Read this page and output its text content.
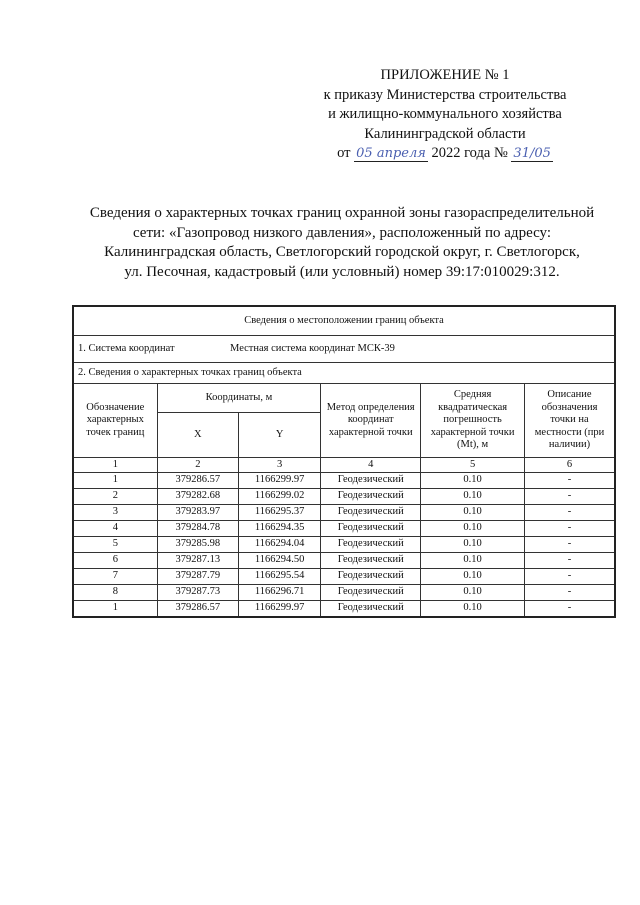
ПРИЛОЖЕНИЕ № 1
к приказу Министерства строительства
и жилищно-коммунального хозяйства
Калининградской области
от 05 апреля 2022 года № 31/05
Сведения о характерных точках границ охранной зоны газораспределительной
сети: «Газопровод низкого давления», расположенный по адресу:
Калининградская область, Светлогорский городской округ, г. Светлогорск,
ул. Песочная, кадастровый (или условный) номер 39:17:010029:312.
Сведения о местоположении границ объекта					
1. Система координат Местная система координат МСК-39					
2. Сведения о характерных точках границ объекта					
Обозначение характерных точек границ	Координаты, м		Метод определения координат характерной точки	Средняя квадратическая погрешность характерной точки (Mt), м	Описание обозначения точки на местности (при наличии)
	X	Y			
1	2	3	4	5	6
1	379286.57	1166299.97	Геодезический	0.10	-
2	379282.68	1166299.02	Геодезический	0.10	-
3	379283.97	1166295.37	Геодезический	0.10	-
4	379284.78	1166294.35	Геодезический	0.10	-
5	379285.98	1166294.04	Геодезический	0.10	-
6	379287.13	1166294.50	Геодезический	0.10	-
7	379287.79	1166295.54	Геодезический	0.10	-
8	379287.73	1166296.71	Геодезический	0.10	-
1	379286.57	1166299.97	Геодезический	0.10	-
